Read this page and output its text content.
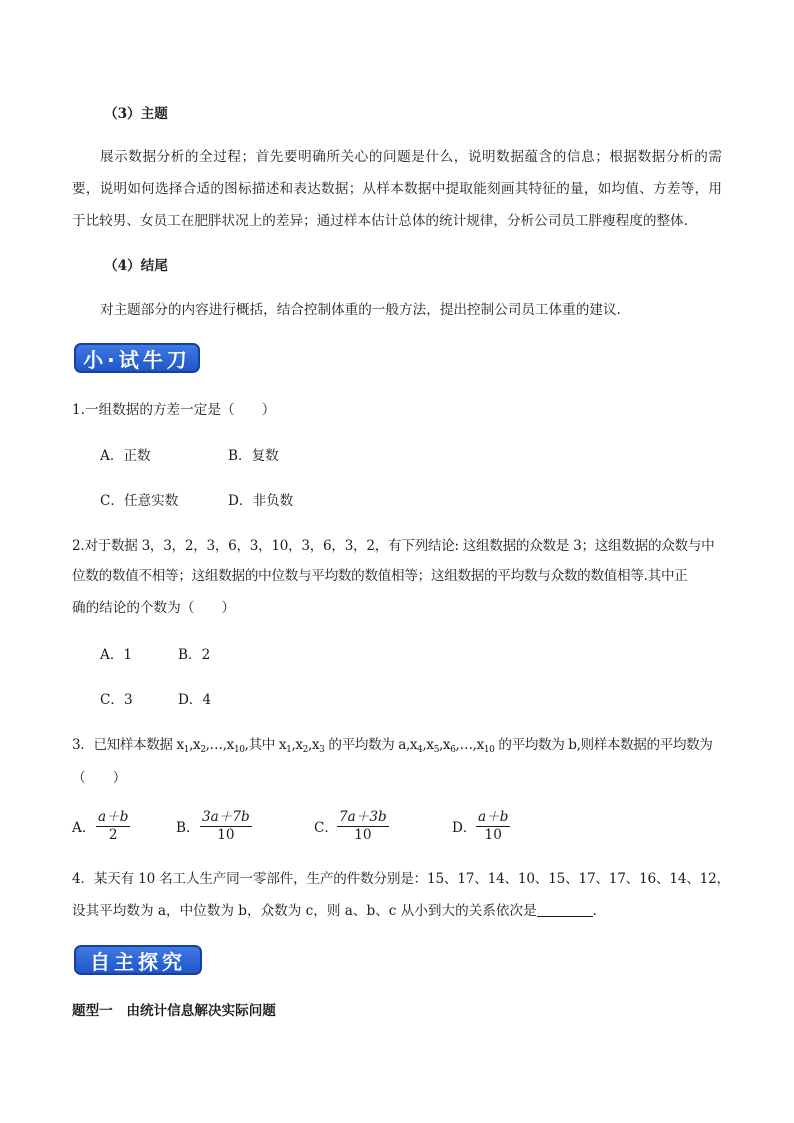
（3）主题
展示数据分析的全过程；首先要明确所关心的问题是什么，说明数据蕴含的信息；根据数据分析的需要，说明如何选择合适的图标描述和表达数据；从样本数据中提取能刻画其特征的量，如均值、方差等，用于比较男、女员工在肥胖状况上的差异；通过样本估计总体的统计规律，分析公司员工胖瘦程度的整体.
（4）结尾
对主题部分的内容进行概括，结合控制体重的一般方法，提出控制公司员工体重的建议.
小·试牛刀
1.一组数据的方差一定是（　　）
A．正数	B．复数
C．任意实数	D．非负数
2.对于数据 3，3，2，3，6，3，10，3，6，3，2，有下列结论: 这组数据的众数是 3；这组数据的众数与中
位数的数值不相等；这组数据的中位数与平均数的数值相等；这组数据的平均数与众数的数值相等.其中正
确的结论的个数为（　　）
A．1	B．2
C．3	D．4
3．已知样本数据 $x_1,x_2,\dots,x_{10}$,其中 $x_1,x_2,x_3$ 的平均数为 $a,x_4,x_5,x_6,\dots,x_{10}$ 的平均数为 b,则样本数据的平均数为
（　　）
A． $\frac{a+b}{2}$	B． $\frac{3a+7b}{10}$	C． $\frac{7a+3b}{10}$	D． $\frac{a+b}{10}$
4．某天有 10 名工人生产同一零部件，生产的件数分别是：15、17、14、10、15、17、17、16、14、12，
设其平均数为 a，中位数为 b，众数为 c，则 a、b、c 从小到大的关系依次是	.
自主探究
题型一　由统计信息解决实际问题
